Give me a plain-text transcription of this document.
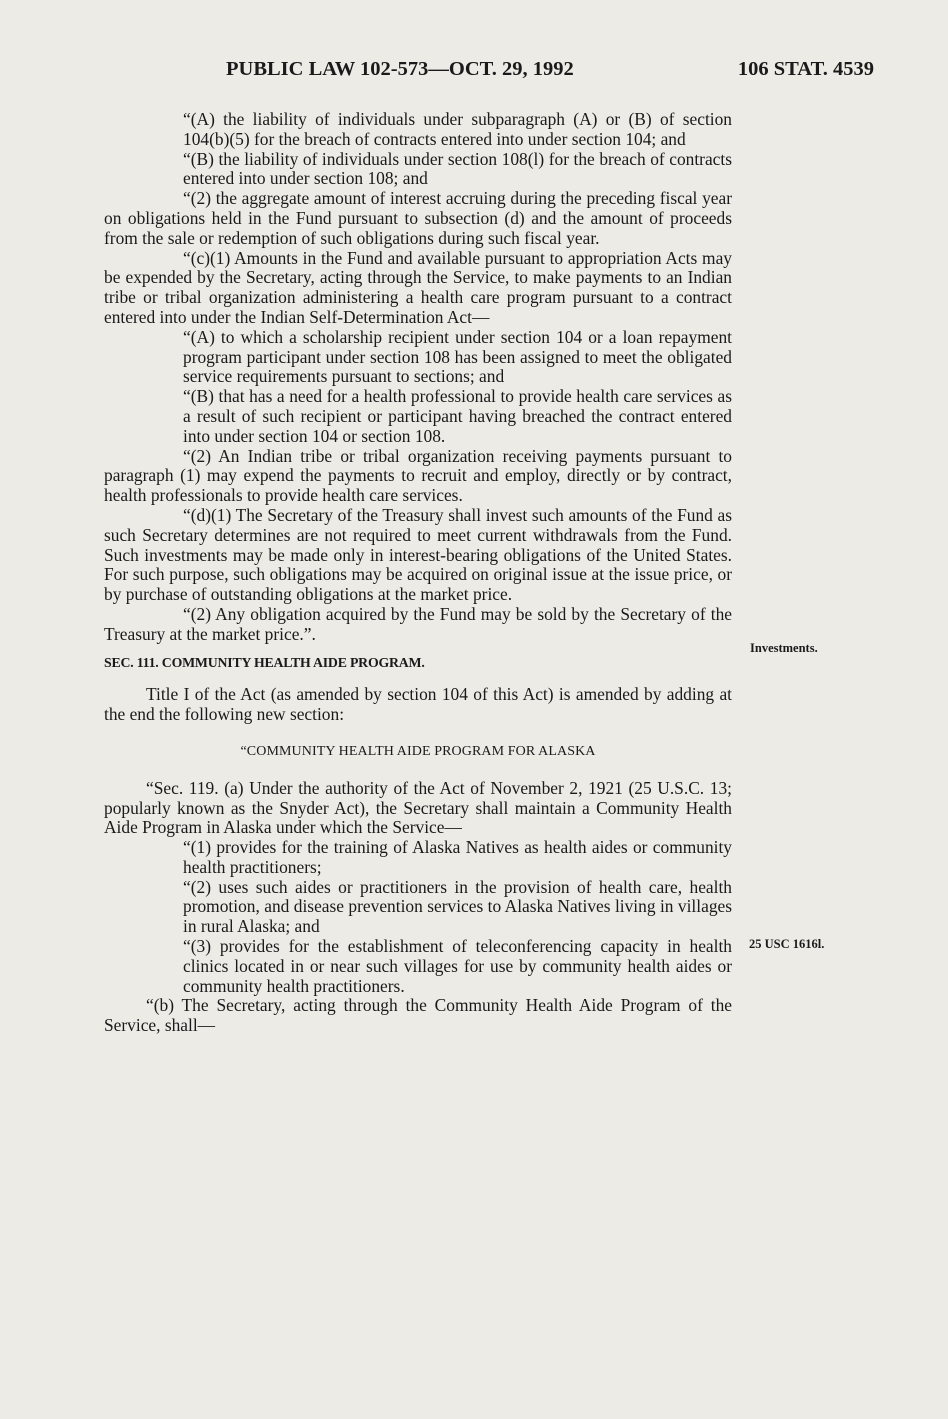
PUBLIC LAW 102-573—OCT. 29, 1992	106 STAT. 4539

“(A) the liability of individuals under subparagraph (A) or (B) of section 104(b)(5) for the breach of contracts entered into under section 104; and

“(B) the liability of individuals under section 108(l) for the breach of contracts entered into under section 108; and

“(2) the aggregate amount of interest accruing during the preceding fiscal year on obligations held in the Fund pursuant to subsection (d) and the amount of proceeds from the sale or redemption of such obligations during such fiscal year.

“(c)(1) Amounts in the Fund and available pursuant to appropriation Acts may be expended by the Secretary, acting through the Service, to make payments to an Indian tribe or tribal organization administering a health care program pursuant to a contract entered into under the Indian Self-Determination Act—

“(A) to which a scholarship recipient under section 104 or a loan repayment program participant under section 108 has been assigned to meet the obligated service requirements pursuant to sections; and

“(B) that has a need for a health professional to provide health care services as a result of such recipient or participant having breached the contract entered into under section 104 or section 108.

“(2) An Indian tribe or tribal organization receiving payments pursuant to paragraph (1) may expend the payments to recruit and employ, directly or by contract, health professionals to provide health care services.

“(d)(1) The Secretary of the Treasury shall invest such amounts of the Fund as such Secretary determines are not required to meet current withdrawals from the Fund. Such investments may be made only in interest-bearing obligations of the United States. For such purpose, such obligations may be acquired on original issue at the issue price, or by purchase of outstanding obligations at the market price.

“(2) Any obligation acquired by the Fund may be sold by the Secretary of the Treasury at the market price.”.

SEC. 111. COMMUNITY HEALTH AIDE PROGRAM.

Title I of the Act (as amended by section 104 of this Act) is amended by adding at the end the following new section:

“COMMUNITY HEALTH AIDE PROGRAM FOR ALASKA

“Sec. 119. (a) Under the authority of the Act of November 2, 1921 (25 U.S.C. 13; popularly known as the Snyder Act), the Secretary shall maintain a Community Health Aide Program in Alaska under which the Service—

“(1) provides for the training of Alaska Natives as health aides or community health practitioners;

“(2) uses such aides or practitioners in the provision of health care, health promotion, and disease prevention services to Alaska Natives living in villages in rural Alaska; and

“(3) provides for the establishment of teleconferencing capacity in health clinics located in or near such villages for use by community health aides or community health practitioners.

“(b) The Secretary, acting through the Community Health Aide Program of the Service, shall—

Investments.
25 USC 1616l.
